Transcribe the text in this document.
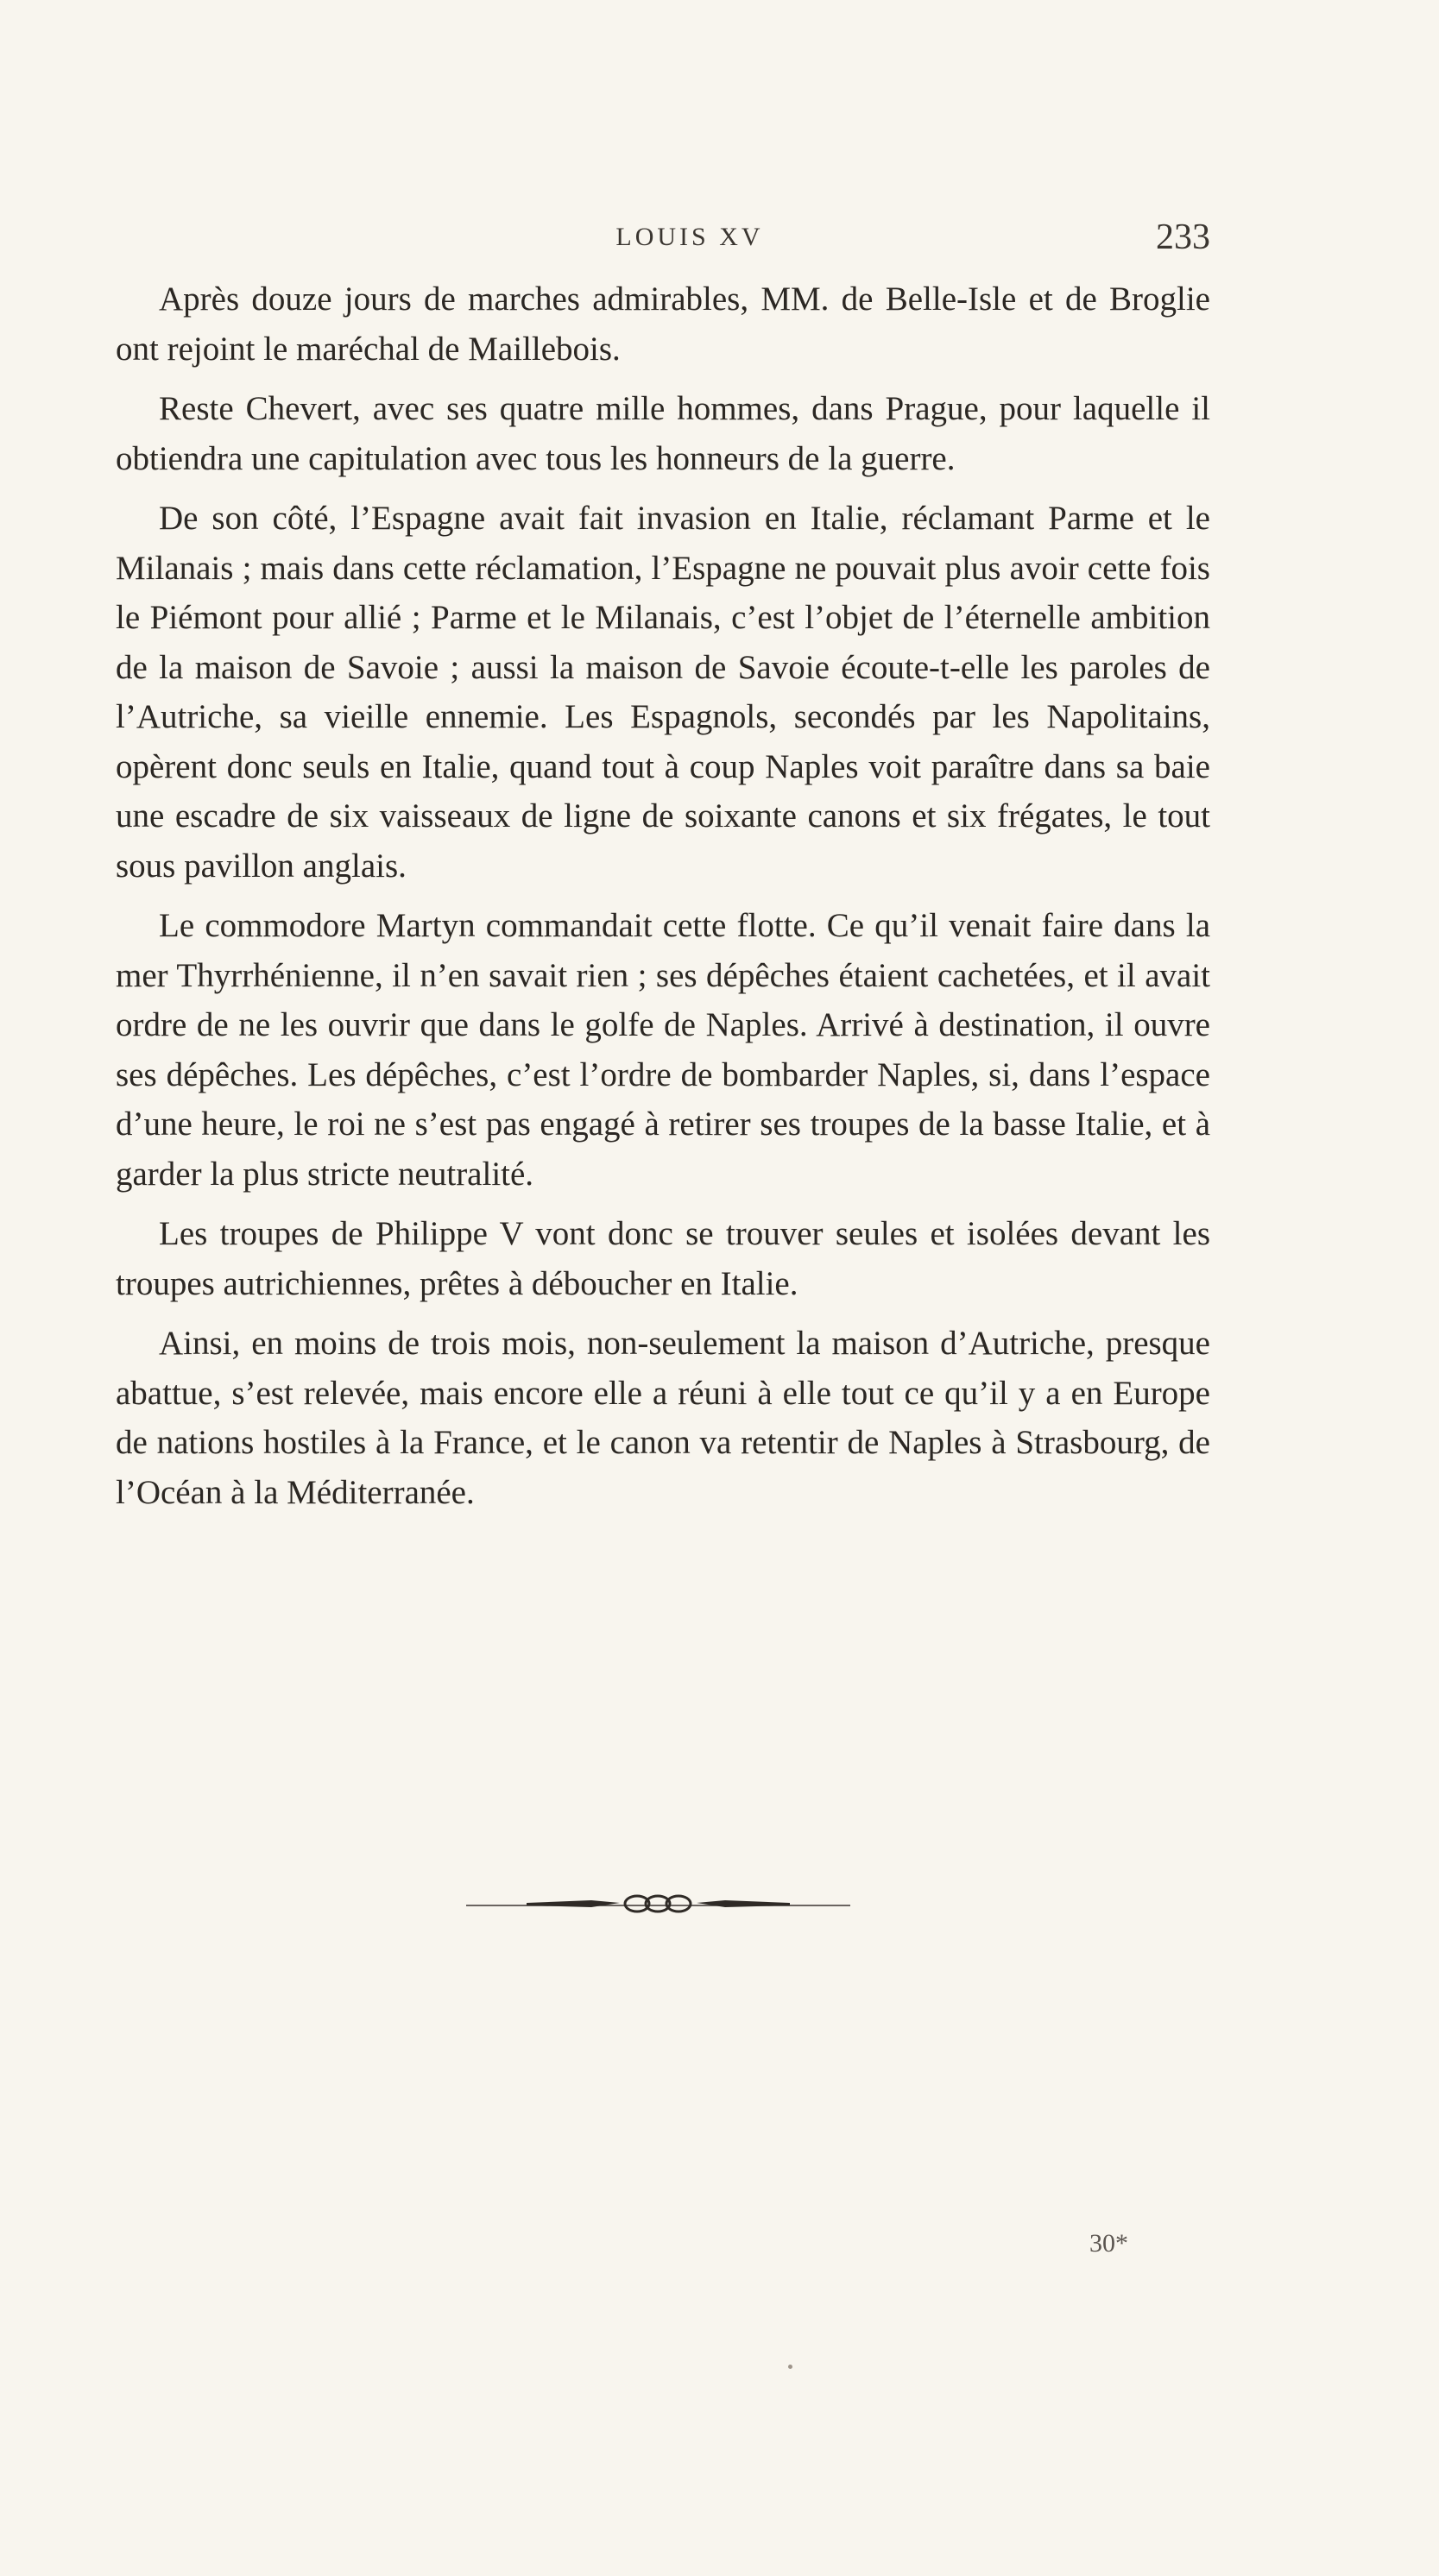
LOUIS XV	233

Après douze jours de marches admirables, MM. de Belle-Isle et de Broglie ont rejoint le maréchal de Maillebois.

Reste Chevert, avec ses quatre mille hommes, dans Prague, pour laquelle il obtiendra une capitulation avec tous les honneurs de la guerre.

De son côté, l’Espagne avait fait invasion en Italie, réclamant Parme et le Milanais ; mais dans cette réclamation, l’Espagne ne pouvait plus avoir cette fois le Piémont pour allié ; Parme et le Milanais, c’est l’objet de l’éternelle ambition de la maison de Savoie ; aussi la maison de Savoie écoute-t-elle les paroles de l’Autriche, sa vieille ennemie. Les Espagnols, secondés par les Napolitains, opèrent donc seuls en Italie, quand tout à coup Naples voit paraître dans sa baie une escadre de six vaisseaux de ligne de soixante canons et six frégates, le tout sous pavillon anglais.

Le commodore Martyn commandait cette flotte. Ce qu’il venait faire dans la mer Thyrrhénienne, il n’en savait rien ; ses dépêches étaient cachetées, et il avait ordre de ne les ouvrir que dans le golfe de Naples. Arrivé à destination, il ouvre ses dépêches. Les dépêches, c’est l’ordre de bombarder Naples, si, dans l’espace d’une heure, le roi ne s’est pas engagé à retirer ses troupes de la basse Italie, et à garder la plus stricte neutralité.

Les troupes de Philippe V vont donc se trouver seules et isolées devant les troupes autrichiennes, prêtes à déboucher en Italie.

Ainsi, en moins de trois mois, non-seulement la maison d’Autriche, presque abattue, s’est relevée, mais encore elle a réuni à elle tout ce qu’il y a en Europe de nations hostiles à la France, et le canon va retentir de Naples à Strasbourg, de l’Océan à la Méditerranée.

30*
